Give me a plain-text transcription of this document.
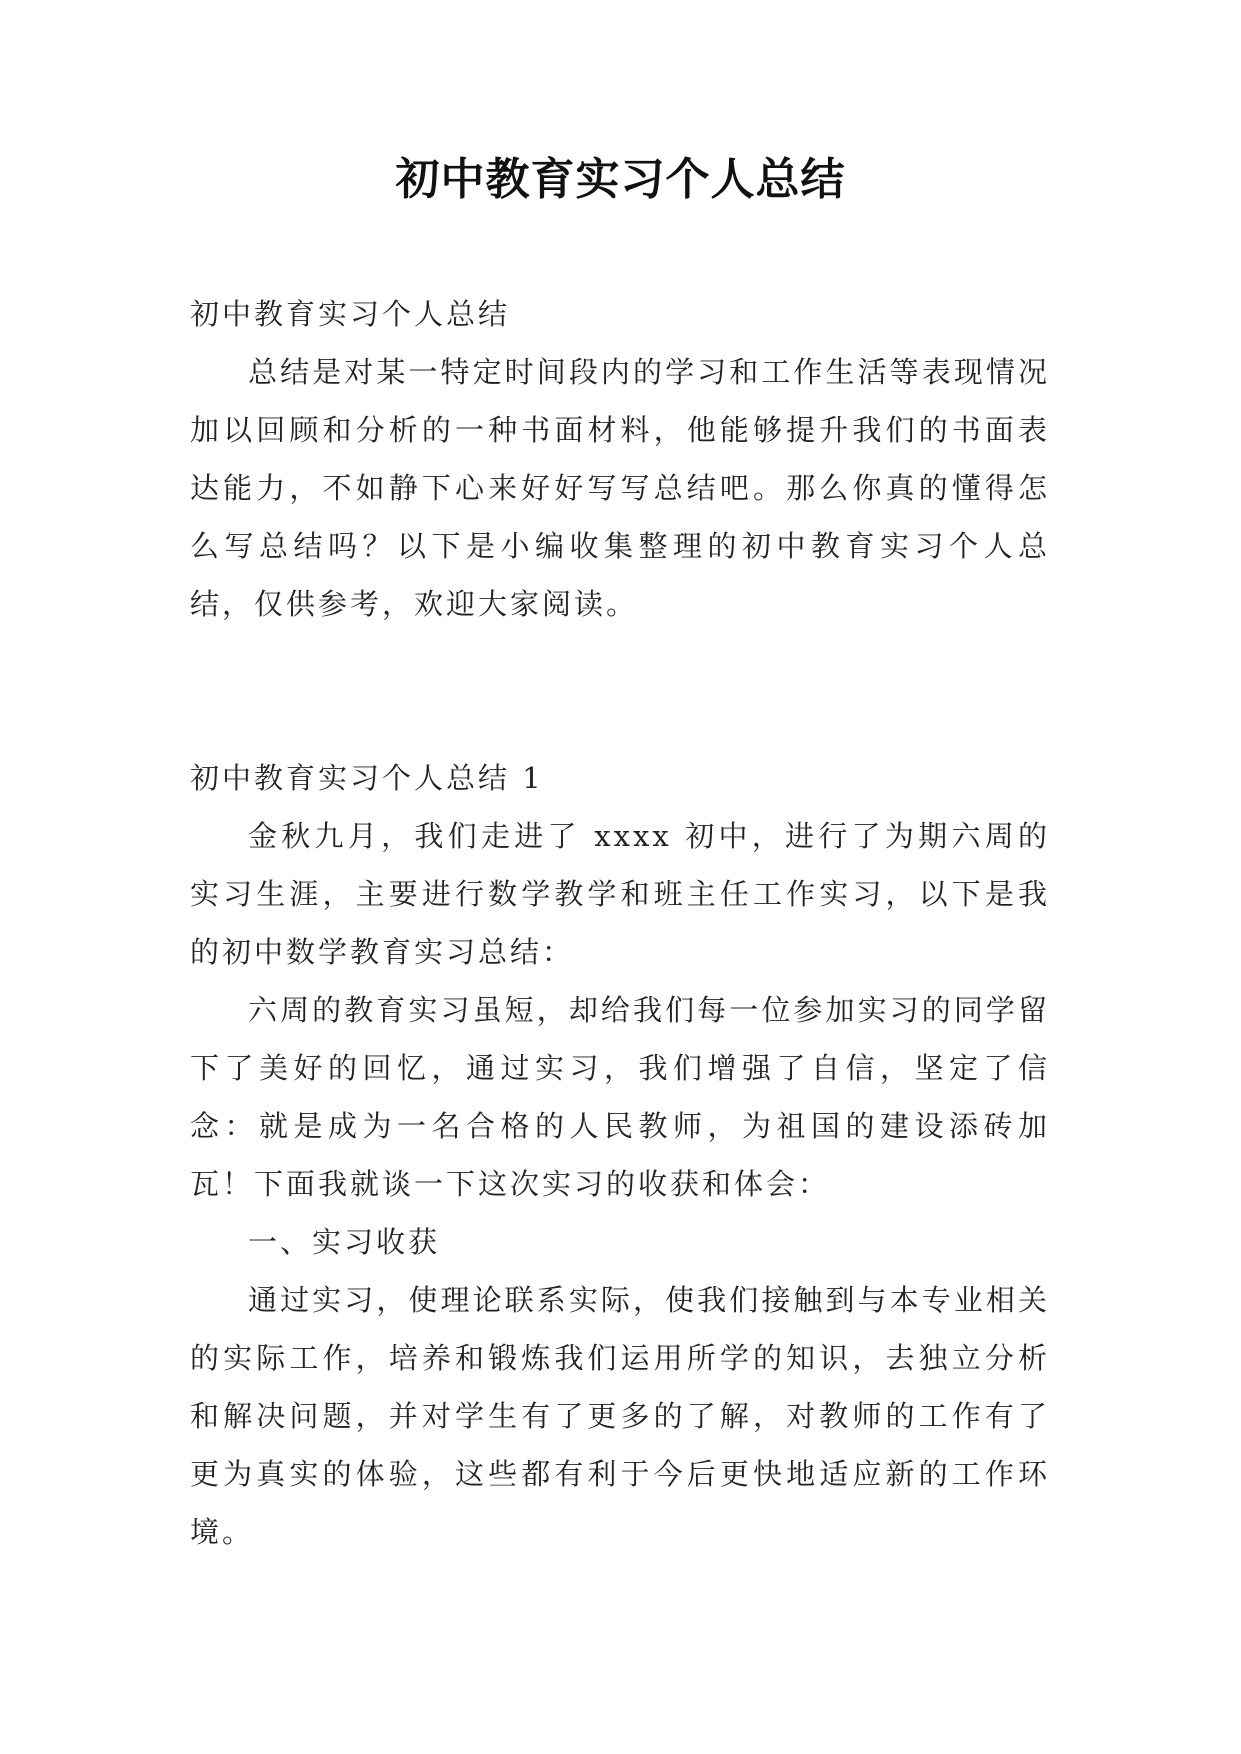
初中教育实习个人总结

初中教育实习个人总结

总结是对某一特定时间段内的学习和工作生活等表现情况加以回顾和分析的一种书面材料，他能够提升我们的书面表达能力，不如静下心来好好写写总结吧。那么你真的懂得怎么写总结吗？以下是小编收集整理的初中教育实习个人总结，仅供参考，欢迎大家阅读。

初中教育实习个人总结 1

金秋九月，我们走进了 xxxx 初中，进行了为期六周的实习生涯，主要进行数学教学和班主任工作实习，以下是我的初中数学教育实习总结：

六周的教育实习虽短，却给我们每一位参加实习的同学留下了美好的回忆，通过实习，我们增强了自信，坚定了信念：就是成为一名合格的人民教师，为祖国的建设添砖加瓦！下面我就谈一下这次实习的收获和体会：

一、实习收获

通过实习，使理论联系实际，使我们接触到与本专业相关的实际工作，培养和锻炼我们运用所学的知识，去独立分析和解决问题，并对学生有了更多的了解，对教师的工作有了更为真实的体验，这些都有利于今后更快地适应新的工作环境。
